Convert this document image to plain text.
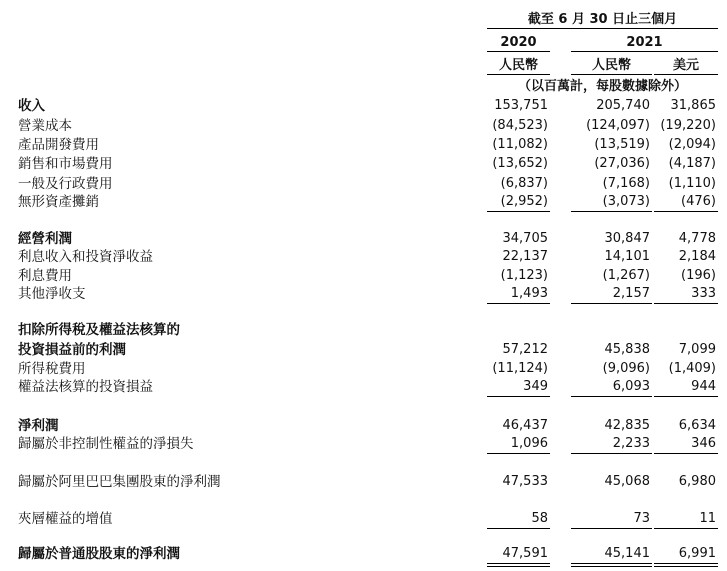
截至 6 月 30 日止三個月
2020	2021
人民幣	人民幣	美元
（以百萬計，每股數據除外）
收入	153,751	205,740	31,865
營業成本	(84,523)	(124,097) (19,220)
產品開發費用	(11,082)	(13,519)	(2,094)
銷售和市場費用	(13,652)	(27,036)	(4,187)
一般及行政費用	(6,837)	(7,168)	(1,110)
無形資產攤銷	(2,952)	(3,073)	(476)
經營利潤	34,705	30,847	4,778
利息收入和投資淨收益	22,137	14,101	2,184
利息費用	(1,123)	(1,267)	(196)
其他淨收支	1,493	2,157	333
扣除所得稅及權益法核算的
投資損益前的利潤	57,212	45,838	7,099
所得稅費用	(11,124)	(9,096)	(1,409)
權益法核算的投資損益	349	6,093	944
淨利潤	46,437	42,835	6,634
歸屬於非控制性權益的淨損失	1,096	2,233	346
歸屬於阿里巴巴集團股東的淨利潤	47,533	45,068	6,980
夾層權益的增值	58	73	11
歸屬於普通股股東的淨利潤	47,591	45,141	6,991
